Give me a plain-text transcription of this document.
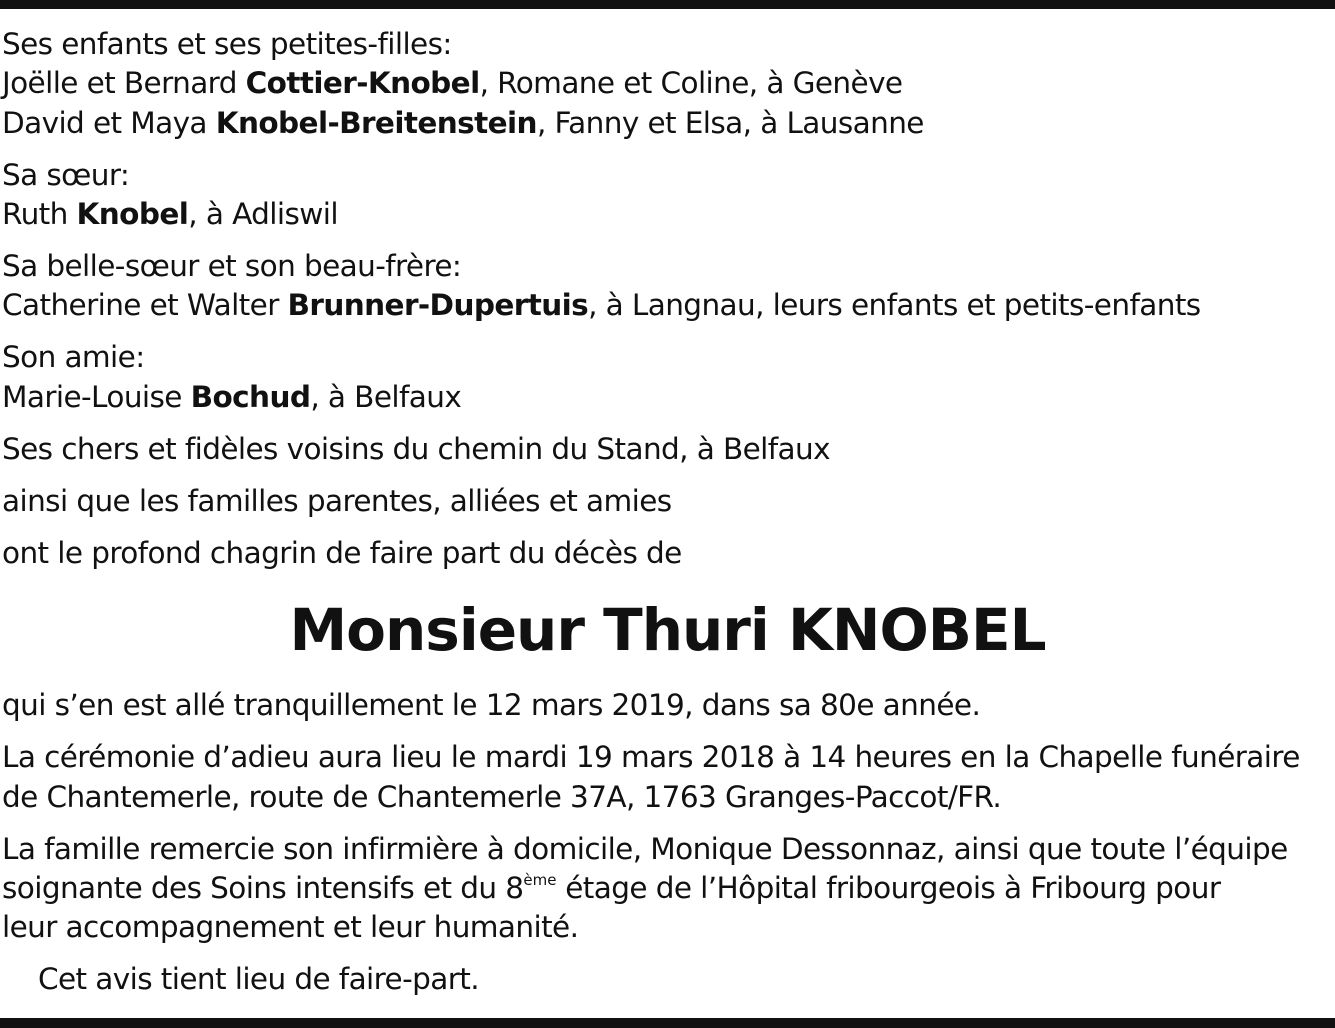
Ses enfants et ses petites-filles:
Joëlle et Bernard Cottier-Knobel, Romane et Coline, à Genève
David et Maya Knobel-Breitenstein, Fanny et Elsa, à Lausanne
Sa sœur:
Ruth Knobel, à Adliswil
Sa belle-sœur et son beau-frère:
Catherine et Walter Brunner-Dupertuis, à Langnau, leurs enfants et petits-enfants
Son amie:
Marie-Louise Bochud, à Belfaux
Ses chers et fidèles voisins du chemin du Stand, à Belfaux
ainsi que les familles parentes, alliées et amies
ont le profond chagrin de faire part du décès de
Monsieur Thuri KNOBEL
qui s’en est allé tranquillement le 12 mars 2019, dans sa 80e année.
La cérémonie d’adieu aura lieu le mardi 19 mars 2018 à 14 heures en la Chapelle funéraire
de Chantemerle, route de Chantemerle 37A, 1763 Granges-Paccot/FR.
La famille remercie son infirmière à domicile, Monique Dessonnaz, ainsi que toute l’équipe
soignante des Soins intensifs et du 8ème étage de l’Hôpital fribourgeois à Fribourg pour
leur accompagnement et leur humanité.
Cet avis tient lieu de faire-part.
